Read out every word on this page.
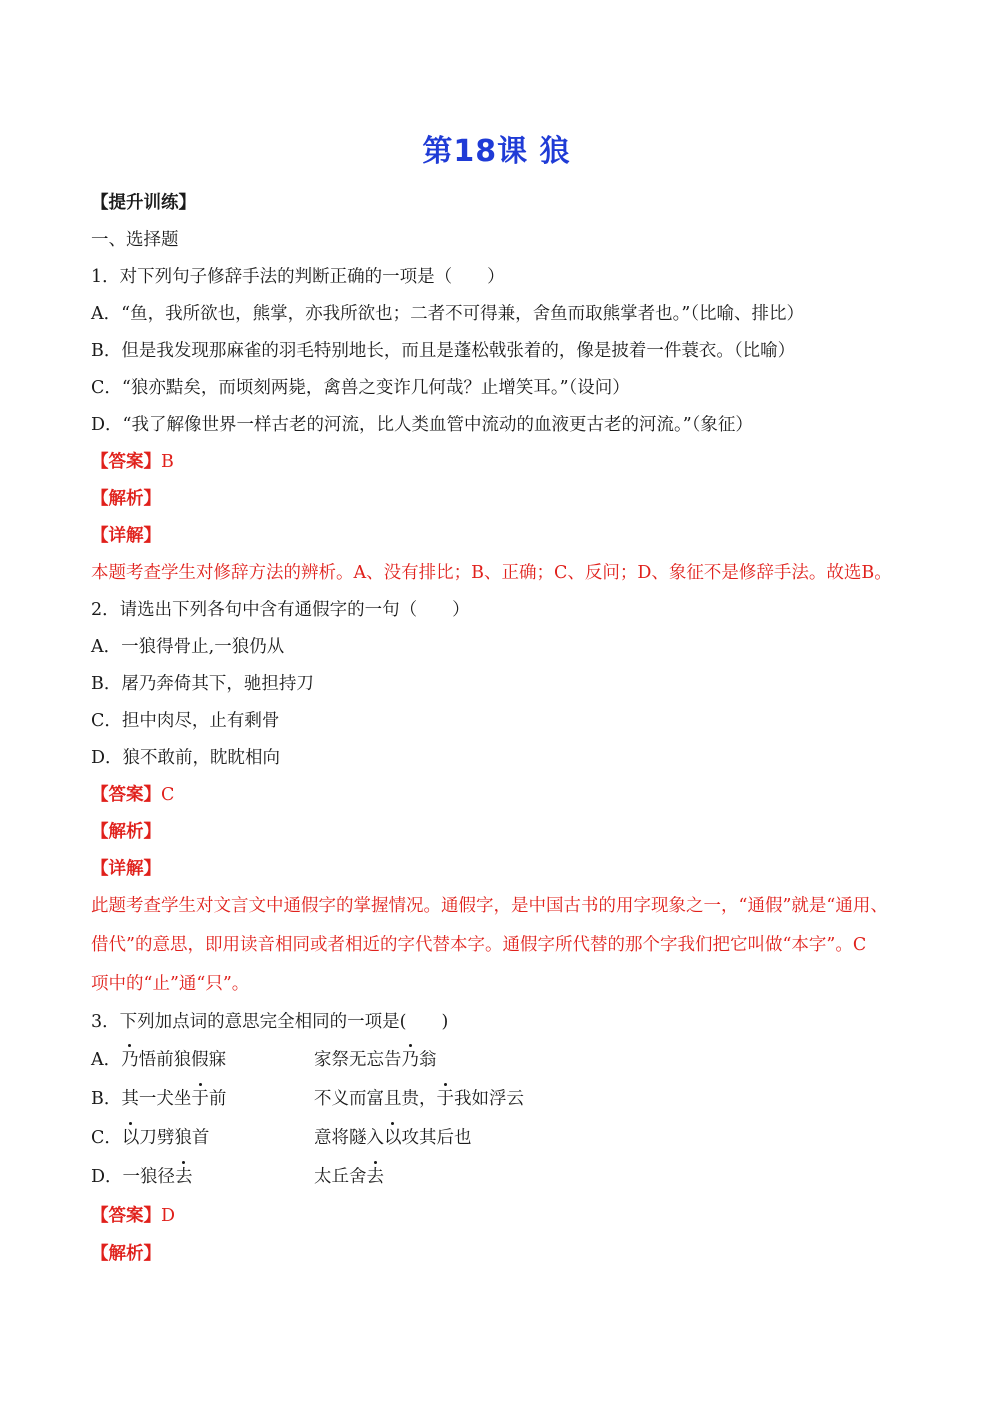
第18课 狼
【提升训练】
一、选择题
1．对下列句子修辞手法的判断正确的一项是（　　）
A．“鱼，我所欲也，熊掌，亦我所欲也；二者不可得兼，舍鱼而取熊掌者也。”（比喻、排比）
B．但是我发现那麻雀的羽毛特别地长，而且是蓬松戟张着的，像是披着一件蓑衣。（比喻）
C．“狼亦黠矣，而顷刻两毙，禽兽之变诈几何哉？止增笑耳。”（设问）
D．“我了解像世界一样古老的河流，比人类血管中流动的血液更古老的河流。”（象征）
【答案】B
【解析】
【详解】
本题考查学生对修辞方法的辨析。A、没有排比；B、正确；C、反问；D、象征不是修辞手法。故选B。
2．请选出下列各句中含有通假字的一句（　　）
A．一狼得骨止,一狼仍从
B．屠乃奔倚其下，驰担持刀
C．担中肉尽，止有剩骨
D．狼不敢前，眈眈相向
【答案】C
【解析】
【详解】
此题考查学生对文言文中通假字的掌握情况。通假字，是中国古书的用字现象之一，“通假”就是“通用、
借代”的意思，即用读音相同或者相近的字代替本字。通假字所代替的那个字我们把它叫做“本字”。C
项中的“止”通“只”。
3．下列加点词的意思完全相同的一项是(　　)
A．乃悟前狼假寐	家祭无忘告乃翁
B．其一犬坐于前	不义而富且贵，于我如浮云
C．以刀劈狼首	意将隧入以攻其后也
D．一狼径去	太丘舍去
【答案】D
【解析】
